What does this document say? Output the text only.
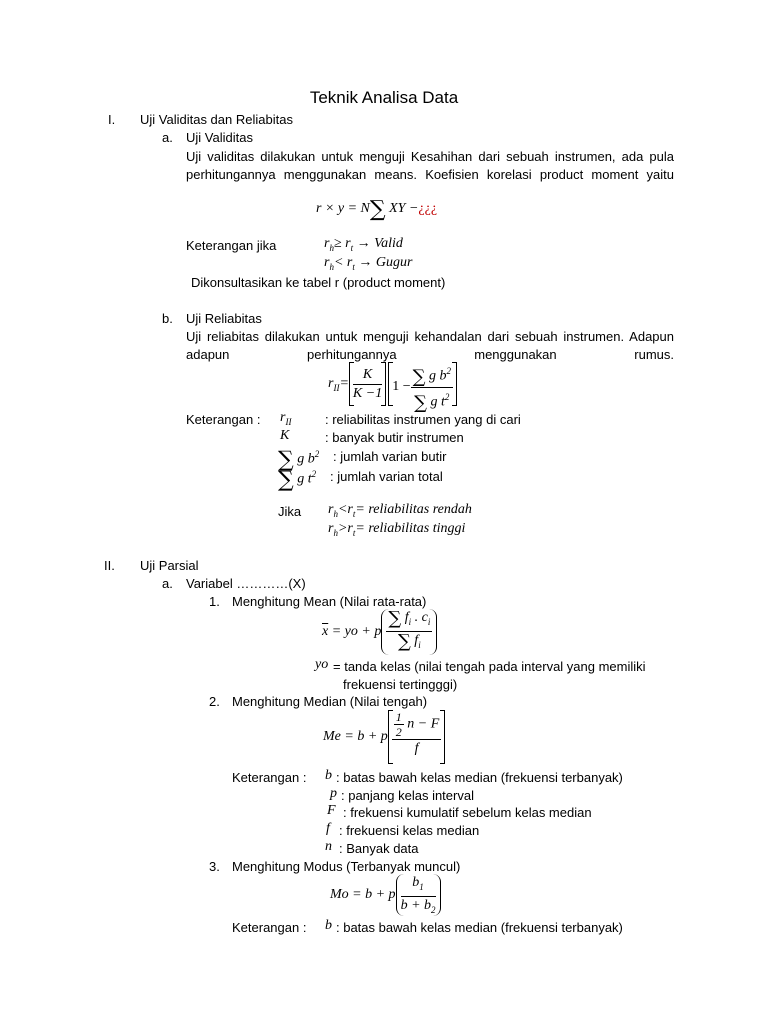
Teknik Analisa Data
I. Uji Validitas dan Reliabitas
a. Uji Validitas
Uji validitas dilakukan untuk menguji Kesahihan dari sebuah instrumen, ada pula perhitungannya menggunakan means. Koefisien korelasi product moment yaitu
r × y = N∑ XY −¿¿¿
Keterangan jika	$r_h\ge r_t$ → Valid
$r_h< r_t$ → Gugur
Dikonsultasikan ke tabel r (product moment)
b. Uji Reliabitas
Uji reliabitas dilakukan untuk menguji kehandalan dari sebuah instrumen. Adapun adapun perhitungannya menggunakan rumus.
$r_{II}= \frac{K}{K -1} 1 - \frac{\sum g b^2}{\sum g t^2}$
Keterangan : $r_{II}$	: reliabilitas instrumen yang di cari
K	: banyak butir instrumen
∑ g $b^2$ : jumlah varian butir
∑ g $t^2$ : jumlah varian total
Jika $r_h<r_t=$ reliabilitas rendah
$r_h>r_t=$ reliabilitas tinggi
II. Uji Parsial
a. Variabel …………(X)
1. Menghitung Mean (Nilai rata-rata)
$\overline{x}$ = yo + p $\frac{\sum f_i . c_i}{\sum f_i}$
yo = tanda kelas (nilai tengah pada interval yang memiliki
frekuensi tertingggi)
2. Menghitung Median (Nilai tengah)
Me = b + p $\frac{\frac{1}{2} n - F}{f}$
Keterangan : b : batas bawah kelas median (frekuensi terbanyak)
p : panjang kelas interval
F : frekuensi kumulatif sebelum kelas median
f : frekuensi kelas median
n : Banyak data
3. Menghitung Modus (Terbanyak muncul)
Mo = b + p $\frac{b_1}{b + b_2}$
Keterangan : b : batas bawah kelas median (frekuensi terbanyak)
